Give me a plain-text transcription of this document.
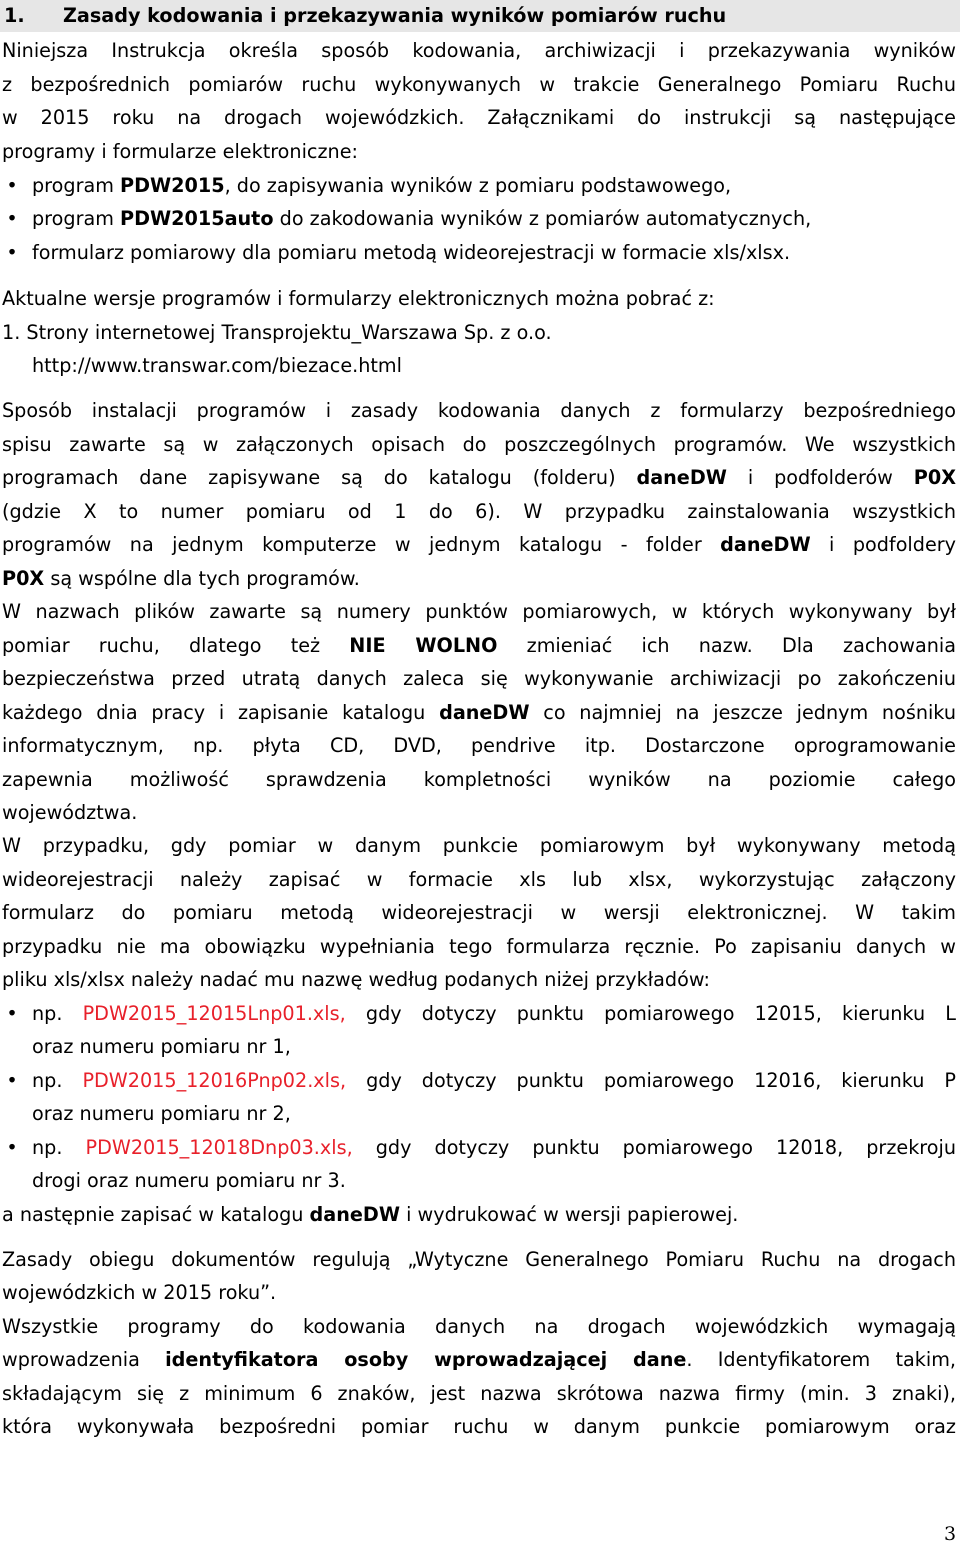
1. Zasady kodowania i przekazywania wyników pomiarów ruchu
Niniejsza Instrukcja określa sposób kodowania, archiwizacji i przekazywania wyników
z bezpośrednich pomiarów ruchu wykonywanych w trakcie Generalnego Pomiaru Ruchu
w 2015 roku na drogach wojewódzkich. Załącznikami do instrukcji są następujące
programy i formularze elektroniczne:
• program PDW2015, do zapisywania wyników z pomiaru podstawowego,
• program PDW2015auto do zakodowania wyników z pomiarów automatycznych,
• formularz pomiarowy dla pomiaru metodą wideorejestracji w formacie xls/xlsx.
Aktualne wersje programów i formularzy elektronicznych można pobrać z:
1. Strony internetowej Transprojektu_Warszawa Sp. z o.o.
http://www.transwar.com/biezace.html
Sposób instalacji programów i zasady kodowania danych z formularzy bezpośredniego
spisu zawarte są w załączonych opisach do poszczególnych programów. We wszystkich
programach dane zapisywane są do katalogu (folderu) daneDW i podfolderów P0X
(gdzie X to numer pomiaru od 1 do 6). W przypadku zainstalowania wszystkich
programów na jednym komputerze w jednym katalogu - folder daneDW i podfoldery
P0X są wspólne dla tych programów.
W nazwach plików zawarte są numery punktów pomiarowych, w których wykonywany był
pomiar ruchu, dlatego też NIE WOLNO zmieniać ich nazw. Dla zachowania
bezpieczeństwa przed utratą danych zaleca się wykonywanie archiwizacji po zakończeniu
każdego dnia pracy i zapisanie katalogu daneDW co najmniej na jeszcze jednym nośniku
informatycznym, np. płyta CD, DVD, pendrive itp. Dostarczone oprogramowanie
zapewnia możliwość sprawdzenia kompletności wyników na poziomie całego
województwa.
W przypadku, gdy pomiar w danym punkcie pomiarowym był wykonywany metodą
wideorejestracji należy zapisać w formacie xls lub xlsx, wykorzystując załączony
formularz do pomiaru metodą wideorejestracji w wersji elektronicznej. W takim
przypadku nie ma obowiązku wypełniania tego formularza ręcznie. Po zapisaniu danych w
pliku xls/xlsx należy nadać mu nazwę według podanych niżej przykładów:
• np. PDW2015_12015Lnp01.xls, gdy dotyczy punktu pomiarowego 12015, kierunku L
oraz numeru pomiaru nr 1,
• np. PDW2015_12016Pnp02.xls, gdy dotyczy punktu pomiarowego 12016, kierunku P
oraz numeru pomiaru nr 2,
• np. PDW2015_12018Dnp03.xls, gdy dotyczy punktu pomiarowego 12018, przekroju
drogi oraz numeru pomiaru nr 3.
a następnie zapisać w katalogu daneDW i wydrukować w wersji papierowej.
Zasady obiegu dokumentów regulują „Wytyczne Generalnego Pomiaru Ruchu na drogach
wojewódzkich w 2015 roku”.
Wszystkie programy do kodowania danych na drogach wojewódzkich wymagają
wprowadzenia identyfikatora osoby wprowadzającej dane. Identyfikatorem takim,
składającym się z minimum 6 znaków, jest nazwa skrótowa nazwa firmy (min. 3 znaki),
która wykonywała bezpośredni pomiar ruchu w danym punkcie pomiarowym oraz
3
